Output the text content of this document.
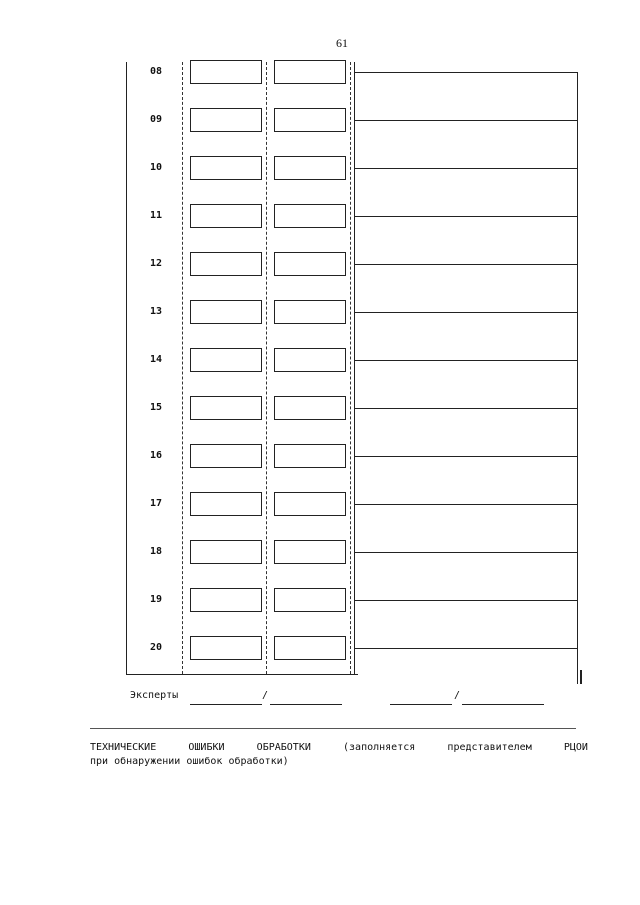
61
08
09
10
11
12
13
14
15
16
17
18
19
20
Эксперты	/	/
ТЕХНИЧЕСКИЕ	ОШИБКИ	ОБРАБОТКИ	(заполняется	представителем	РЦОИ
при обнаружении ошибок обработки)
